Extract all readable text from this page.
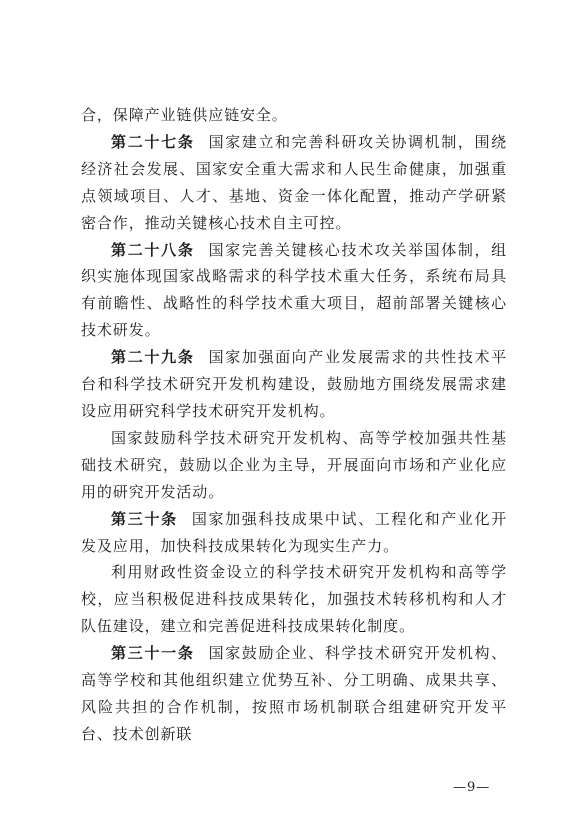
合，保障产业链供应链安全。

第二十七条 国家建立和完善科研攻关协调机制，围绕经济社会发展、国家安全重大需求和人民生命健康，加强重点领域项目、人才、基地、资金一体化配置，推动产学研紧密合作，推动关键核心技术自主可控。

第二十八条 国家完善关键核心技术攻关举国体制，组织实施体现国家战略需求的科学技术重大任务，系统布局具有前瞻性、战略性的科学技术重大项目，超前部署关键核心技术研发。

第二十九条 国家加强面向产业发展需求的共性技术平台和科学技术研究开发机构建设，鼓励地方围绕发展需求建设应用研究科学技术研究开发机构。

国家鼓励科学技术研究开发机构、高等学校加强共性基础技术研究，鼓励以企业为主导，开展面向市场和产业化应用的研究开发活动。

第三十条 国家加强科技成果中试、工程化和产业化开发及应用，加快科技成果转化为现实生产力。

利用财政性资金设立的科学技术研究开发机构和高等学校，应当积极促进科技成果转化，加强技术转移机构和人才队伍建设，建立和完善促进科技成果转化制度。

第三十一条 国家鼓励企业、科学技术研究开发机构、高等学校和其他组织建立优势互补、分工明确、成果共享、风险共担的合作机制，按照市场机制联合组建研究开发平台、技术创新联

—9—
